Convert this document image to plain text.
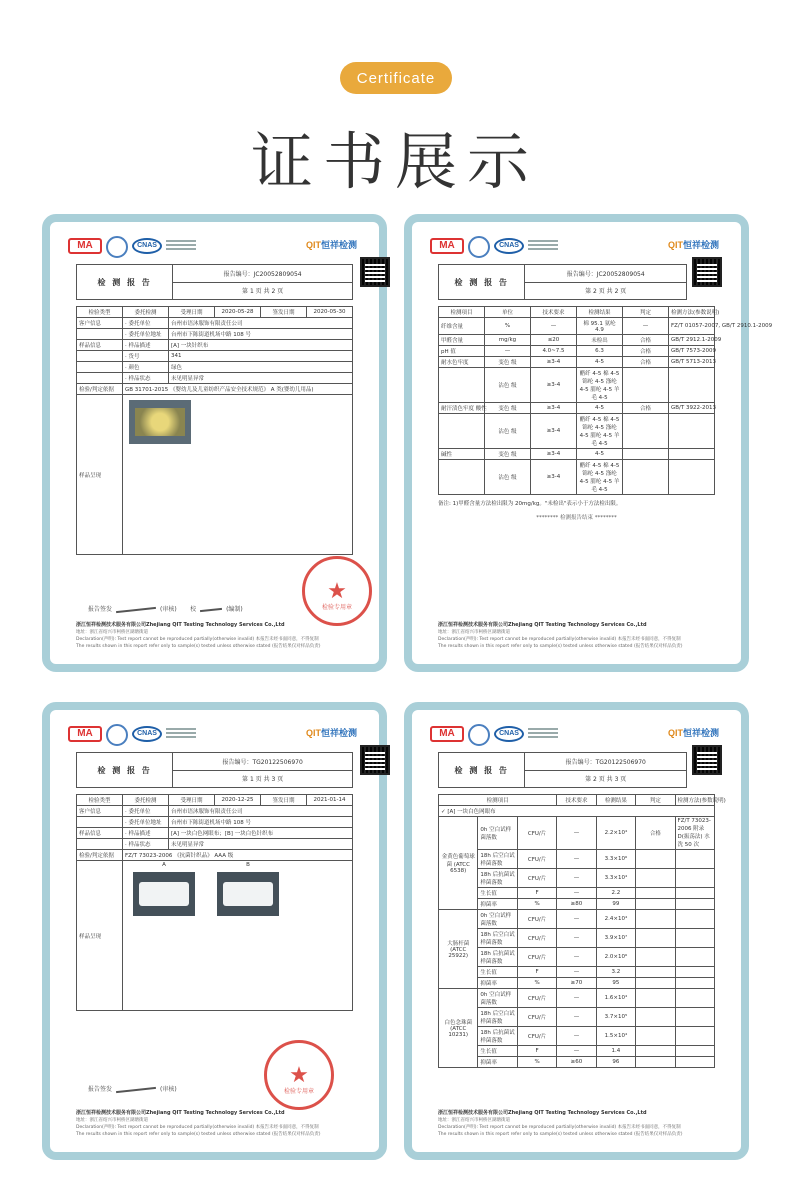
Certificate
证书展示
MA	CNAS	QIT恒祥检测
检 测 报 告
报告编号：JC20052809054
第 1 页 共 2 页
检验类型	委托检测	受理日期	2020-05-28	签发日期	2020-05-30
客户信息	· 委托单位	台州市语沐服饰有限责任公司			
	· 委托单位地址	台州市下陈街道机场中路 108 号			
样品信息	· 样品描述	[A] 一块针织布			
	· 货号	341			
	· 颜色	绿色			
	· 样品状态	未见明显异常			
检验/判定依据	GB 31701-2015 《婴幼儿及儿童纺织产品安全技术规范》 A 类(婴幼儿用品)				
样品呈现					
★
检验专用章
报告签发	(审核) 校	(编制)
浙江恒祥检测技术服务有限公司Zhejiang QIT Testing Technology Services Co.,Ltd
地址：浙江省绍兴市柯桥区湖塘街道
Declaration(声明): Test report cannot be reproduced partially(otherwise invalid) 本报告未经书面同意，不得复制
The results shown in this report refer only to sample(s) tested unless otherwise stated (报告结果仅对样品负责)
MA	CNAS	QIT恒祥检测
检 测 报 告
报告编号：JC20052809054
第 2 页 共 2 页
检测项目	单位	技术要求	检测结果	判定	检测方法(参数说明)
纤维含量	%	—	棉 95.1 氨纶 4.9	—	FZ/T 01057-2007, GB/T 2910.1-2009
甲醛含量	mg/kg	≤20	未检出	合格	GB/T 2912.1-2009
pH 值	—	4.0~7.5	6.3	合格	GB/T 7573-2009
耐水色牢度	变色 级	≥3-4	4-5	合格	GB/T 5713-2013
	沾色 级	≥3-4	醋纤 4-5 棉 4-5 锦纶 4-5 涤纶 4-5 腈纶 4-5 羊毛 4-5		
耐汗渍色牢度 酸性	变色 级	≥3-4	4-5	合格	GB/T 3922-2013
	沾色 级	≥3-4	醋纤 4-5 棉 4-5 锦纶 4-5 涤纶 4-5 腈纶 4-5 羊毛 4-5		
碱性	变色 级	≥3-4	4-5		
	沾色 级	≥3-4	醋纤 4-5 棉 4-5 锦纶 4-5 涤纶 4-5 腈纶 4-5 羊毛 4-5		
备注: 1)甲醛含量方法检出限为 20mg/kg。"未检出"表示小于方法检出限。
******** 检测报告结束 ********
浙江恒祥检测技术服务有限公司Zhejiang QIT Testing Technology Services Co.,Ltd
地址：浙江省绍兴市柯桥区湖塘街道
Declaration(声明): Test report cannot be reproduced partially(otherwise invalid) 本报告未经书面同意，不得复制
The results shown in this report refer only to sample(s) tested unless otherwise stated (报告结果仅对样品负责)
MA	CNAS	QIT恒祥检测
检 测 报 告
报告编号：TG20122506970
第 1 页 共 3 页
检验类型	委托检测	受理日期	2020-12-25	签发日期	2021-01-14
客户信息	· 委托单位	台州市语沐服饰有限责任公司			
	· 委托单位地址	台州市下陈街道机场中路 108 号			
样品信息	· 样品描述	[A] 一块白色网眼布；[B] 一块白色针织布			
	· 样品状态	未见明显异常			
检验/判定依据	FZ/T 73023-2006 《抗菌针织品》 AAA 级				
样品呈现	A B				
★
检验专用章
报告签发	(审核)
浙江恒祥检测技术服务有限公司Zhejiang QIT Testing Technology Services Co.,Ltd
地址：浙江省绍兴市柯桥区湖塘街道
Declaration(声明): Test report cannot be reproduced partially(otherwise invalid) 本报告未经书面同意，不得复制
The results shown in this report refer only to sample(s) tested unless otherwise stated (报告结果仅对样品负责)
MA	CNAS	QIT恒祥检测
检 测 报 告
报告编号：TG20122506970
第 2 页 共 3 页
检测项目			技术要求	检测结果	判定	检测方法(参数说明)
✓ [A] 一块白色网眼布						
金黄色葡萄球菌 (ATCC 6538)	0h 空白试样菌落数	CFU/片	—	2.2×10⁴	合格	FZ/T 73023-2006 附录 D(振荡法) 水洗 50 次
	18h 后空白试样菌落数	CFU/片	—	3.3×10⁶		
	18h 后抗菌试样菌落数	CFU/片	—	3.3×10⁴		
	生长值	F	—	2.2		
	抑菌率	%	≥80	99		
大肠杆菌 (ATCC 25922)	0h 空白试样菌落数	CFU/片	—	2.4×10⁴		
	18h 后空白试样菌落数	CFU/片	—	3.9×10⁷		
	18h 后抗菌试样菌落数	CFU/片	—	2.0×10⁶		
	生长值	F	—	3.2		
	抑菌率	%	≥70	95		
白色念珠菌 (ATCC 10231)	0h 空白试样菌落数	CFU/片	—	1.6×10⁴		
	18h 后空白试样菌落数	CFU/片	—	3.7×10⁵		
	18h 后抗菌试样菌落数	CFU/片	—	1.5×10⁴		
	生长值	F	—	1.4		
	抑菌率	%	≥60	96		
浙江恒祥检测技术服务有限公司Zhejiang QIT Testing Technology Services Co.,Ltd
地址：浙江省绍兴市柯桥区湖塘街道
Declaration(声明): Test report cannot be reproduced partially(otherwise invalid) 本报告未经书面同意，不得复制
The results shown in this report refer only to sample(s) tested unless otherwise stated (报告结果仅对样品负责)
